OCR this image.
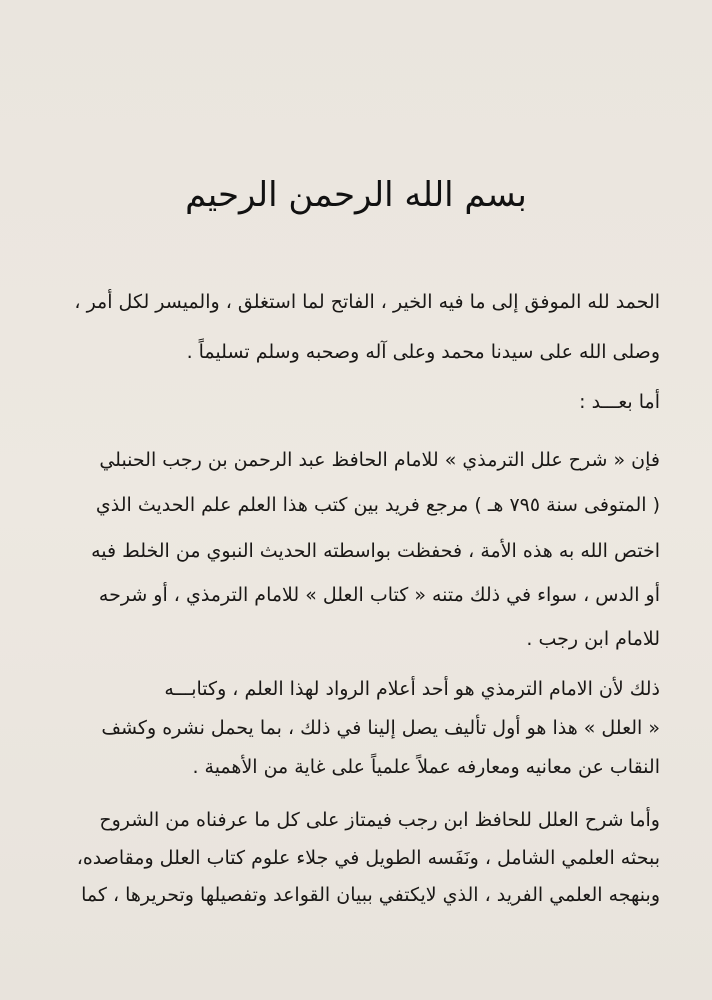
بسم الله الرحمن الرحيم
الحمد لله الموفق إلى ما فيه الخير ، الفاتح لما استغلق ، والميسر لكل أمر ،
وصلى الله على سيدنا محمد وعلى آله وصحبه وسلم تسليماً .
أما بعـــد :
فإن « شرح علل الترمذي » للامام الحافظ عبد الرحمن بن رجب الحنبلي
( المتوفى سنة ٧٩٥ هـ ) مرجع فريد بين كتب هذا العلم علم الحديث الذي
اختص الله به هذه الأمة ، فحفظت بواسطته الحديث النبوي من الخلط فيه
أو الدس ، سواء في ذلك متنه « كتاب العلل » للامام الترمذي ، أو شرحه
للامام ابن رجب .
ذلك لأن الامام الترمذي هو أحد أعلام الرواد لهذا العلم ، وكتابـــه
« العلل » هذا هو أول تأليف يصل إلينا في ذلك ، بما يحمل نشره وكشف
النقاب عن معانيه ومعارفه عملاً علمياً على غاية من الأهمية .
وأما شرح العلل للحافظ ابن رجب فيمتاز على كل ما عرفناه من الشروح
ببحثه العلمي الشامل ، ونَفَسه الطويل في جلاء علوم كتاب العلل ومقاصده،
وبنهجه العلمي الفريد ، الذي لايكتفي ببيان القواعد وتفصيلها وتحريرها ، كما
